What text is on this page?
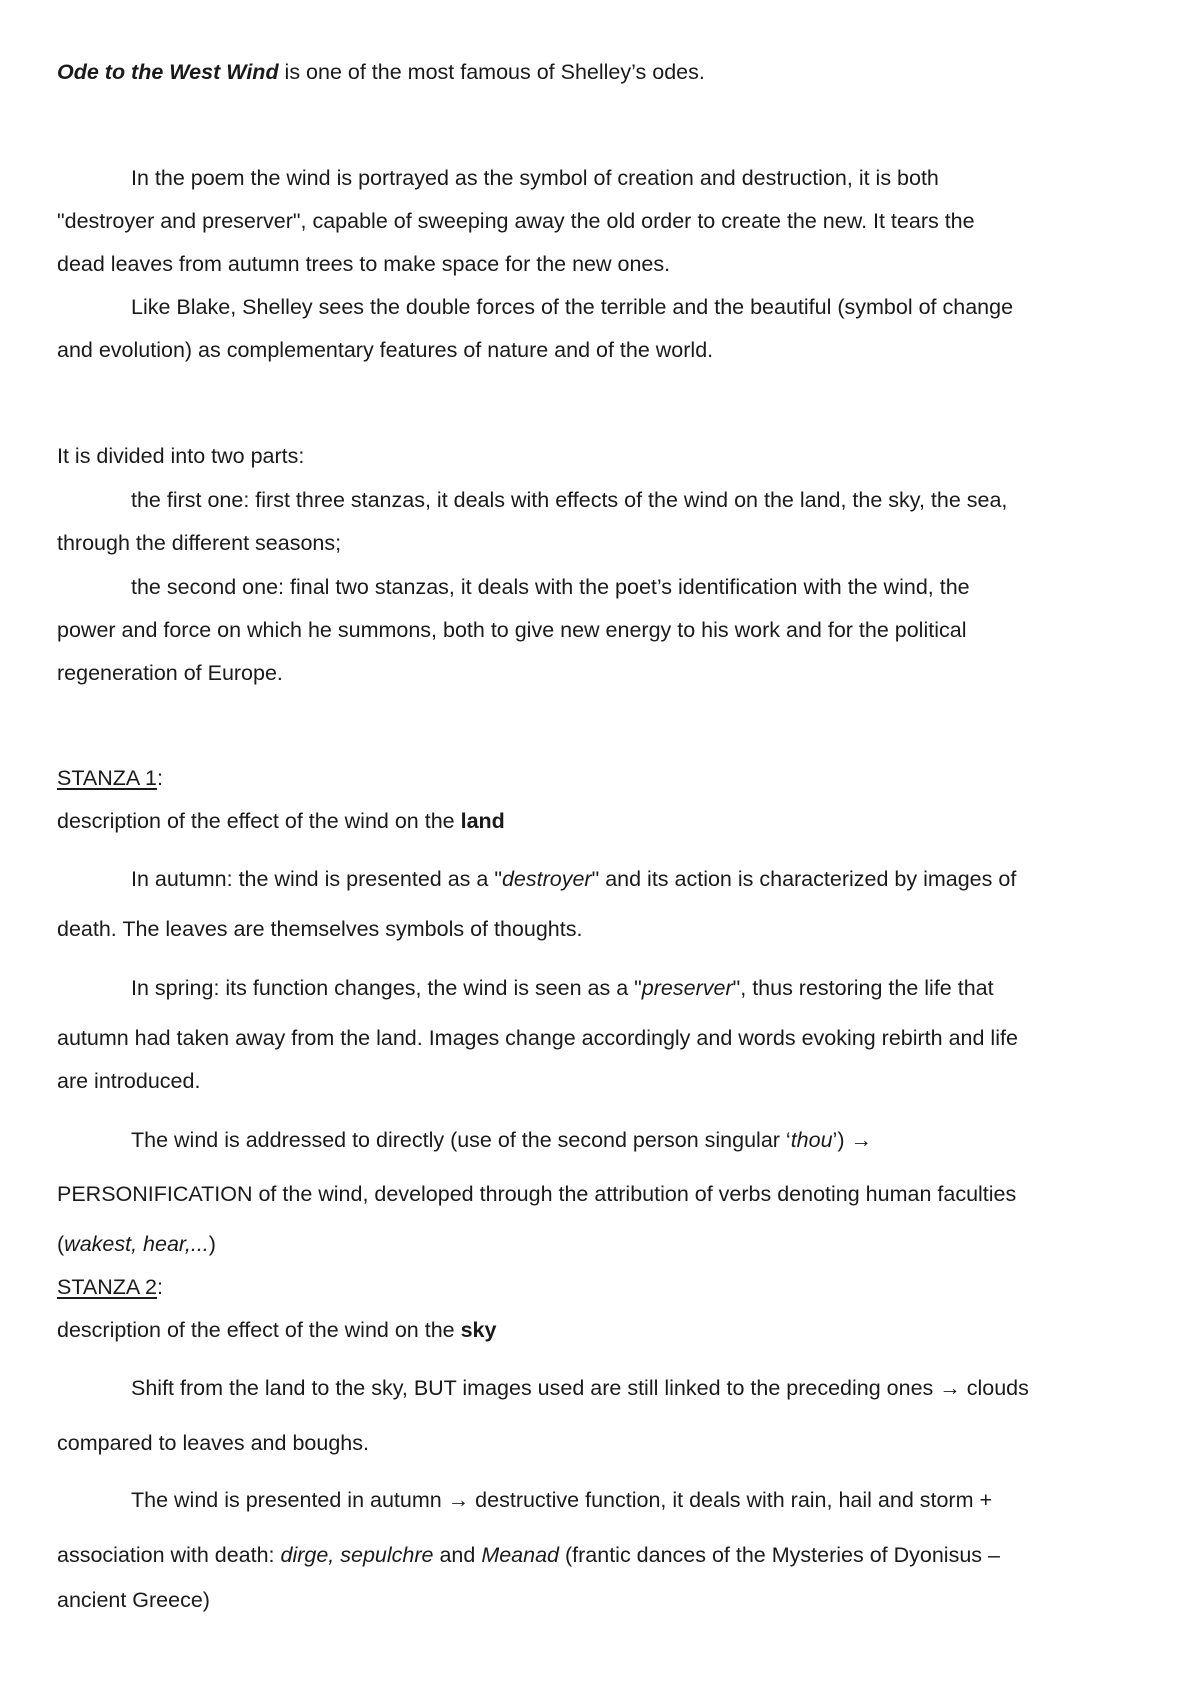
Ode to the West Wind is one of the most famous of Shelley’s odes.
In the poem the wind is portrayed as the symbol of creation and destruction, it is both
"destroyer and preserver", capable of sweeping away the old order to create the new. It tears the
dead leaves from autumn trees to make space for the new ones.
Like Blake, Shelley sees the double forces of the terrible and the beautiful (symbol of change
and evolution) as complementary features of nature and of the world.
It is divided into two parts:
the first one: first three stanzas, it deals with effects of the wind on the land, the sky, the sea,
through the different seasons;
the second one: final two stanzas, it deals with the poet’s identification with the wind, the
power and force on which he summons, both to give new energy to his work and for the political
regeneration of Europe.
STANZA 1:
description of the effect of the wind on the land
In autumn: the wind is presented as a "destroyer" and its action is characterized by images of
death. The leaves are themselves symbols of thoughts.
In spring: its function changes, the wind is seen as a "preserver", thus restoring the life that
autumn had taken away from the land. Images change accordingly and words evoking rebirth and life
are introduced.
The wind is addressed to directly (use of the second person singular ‘thou’) →
PERSONIFICATION of the wind, developed through the attribution of verbs denoting human faculties
(wakest, hear,...)
STANZA 2:
description of the effect of the wind on the sky
Shift from the land to the sky, BUT images used are still linked to the preceding ones → clouds
compared to leaves and boughs.
The wind is presented in autumn → destructive function, it deals with rain, hail and storm +
association with death: dirge, sepulchre and Meanad (frantic dances of the Mysteries of Dyonisus –
ancient Greece)
